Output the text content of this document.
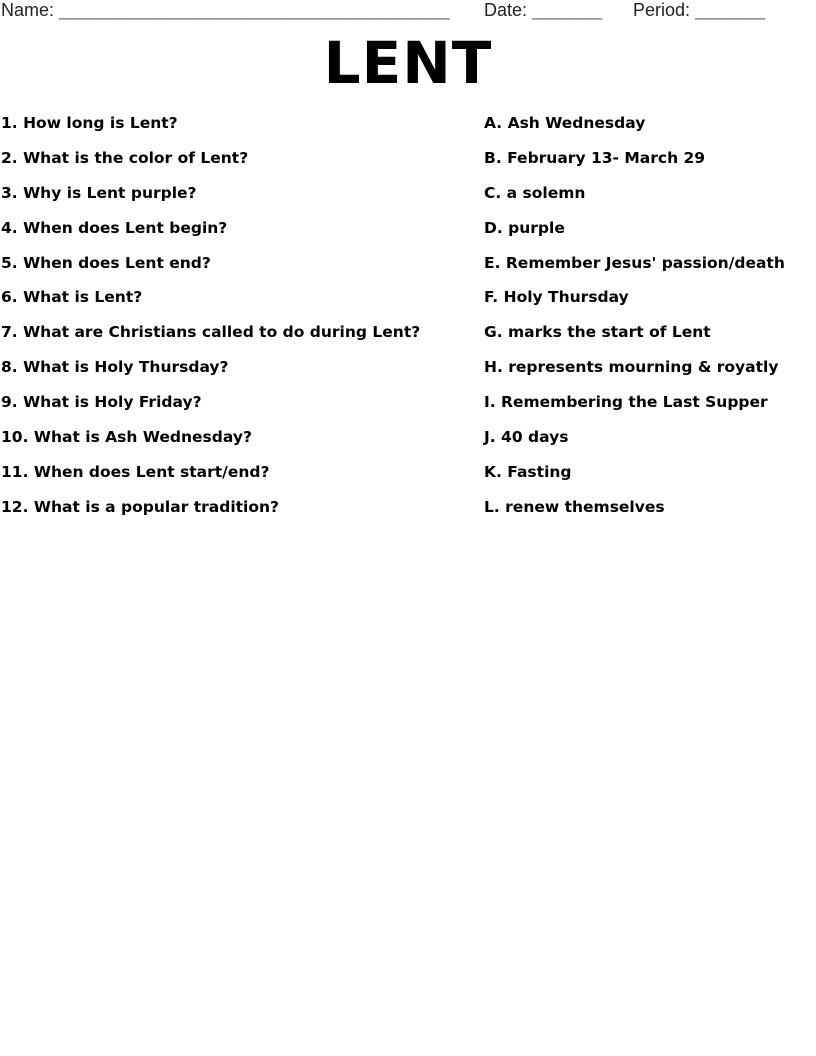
Name: _______________________________________ Date: _______ Period: _______
LENT
1. How long is Lent?
2. What is the color of Lent?
3. Why is Lent purple?
4. When does Lent begin?
5. When does Lent end?
6. What is Lent?
7. What are Christians called to do during Lent?
8. What is Holy Thursday?
9. What is Holy Friday?
10. What is Ash Wednesday?
11. When does Lent start/end?
12. What is a popular tradition?
A. Ash Wednesday
B. February 13- March 29
C. a solemn
D. purple
E. Remember Jesus' passion/death
F. Holy Thursday
G. marks the start of Lent
H. represents mourning & royatly
I. Remembering the Last Supper
J. 40 days
K. Fasting
L. renew themselves
